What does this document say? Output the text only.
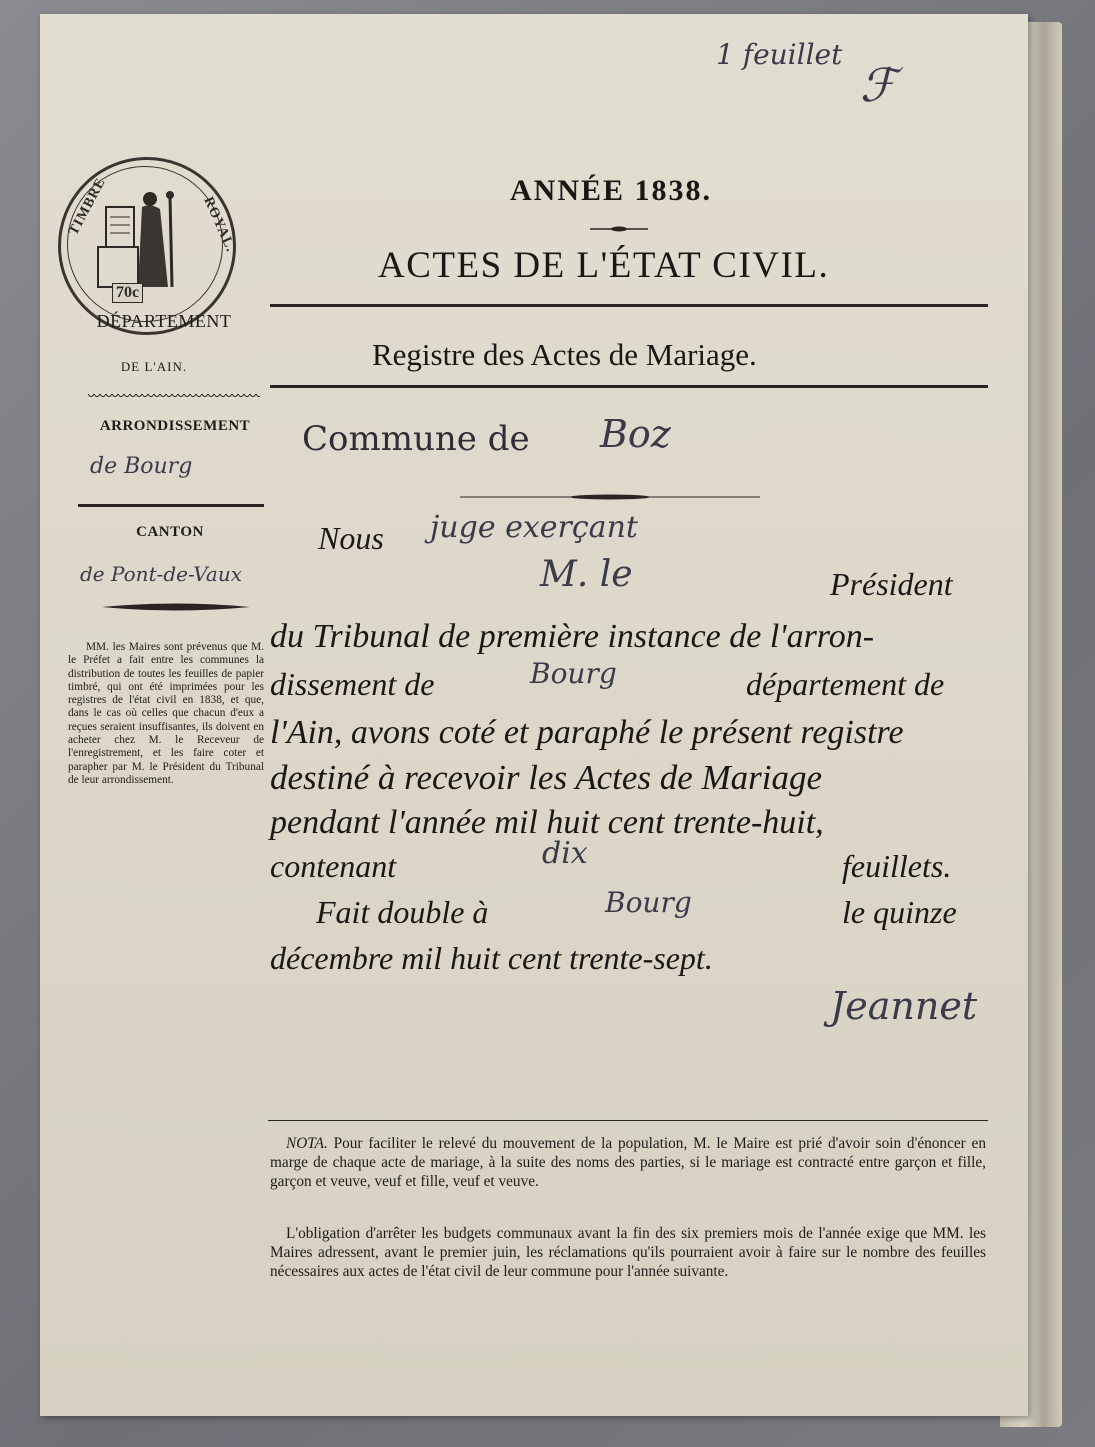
1 feuillet
ℱ
70c
TIMBRE	ROYAL.
DÉPARTEMENT
DE L'AIN.
ARRONDISSEMENT
de Bourg
CANTON
de Pont-de-Vaux
MM. les Maires sont prévenus que M. le Préfet a fait entre les communes la distribution de toutes les feuilles de papier timbré, qui ont été imprimées pour les registres de l'état civil en 1838, et que, dans le cas où celles que chacun d'eux a reçues seraient insuffisantes, ils doivent en acheter chez M. le Receveur de l'enregistrement, et les faire coter et parapher par M. le Président du Tribunal de leur arrondissement.
ANNÉE 1838.
ACTES DE L'ÉTAT CIVIL.
Registre des Actes de Mariage.
Commune de Boz
Nous juge exerçant
M. le	Président
du Tribunal de première instance de l'arron-
dissement de	Bourg	département de
l'Ain, avons coté et paraphé le présent registre
destiné à recevoir les Actes de Mariage
pendant l'année mil huit cent trente-huit,
contenant	dix	feuillets.
Fait double à	Bourg	le quinze
décembre mil huit cent trente-sept.
Jeannet
NOTA. Pour faciliter le relevé du mouvement de la population, M. le Maire est prié d'avoir soin d'énoncer en marge de chaque acte de mariage, à la suite des noms des parties, si le mariage est contracté entre garçon et fille, garçon et veuve, veuf et fille, veuf et veuve.
L'obligation d'arrêter les budgets communaux avant la fin des six premiers mois de l'année exige que MM. les Maires adressent, avant le premier juin, les réclamations qu'ils pourraient avoir à faire sur le nombre des feuilles nécessaires aux actes de l'état civil de leur commune pour l'année suivante.
